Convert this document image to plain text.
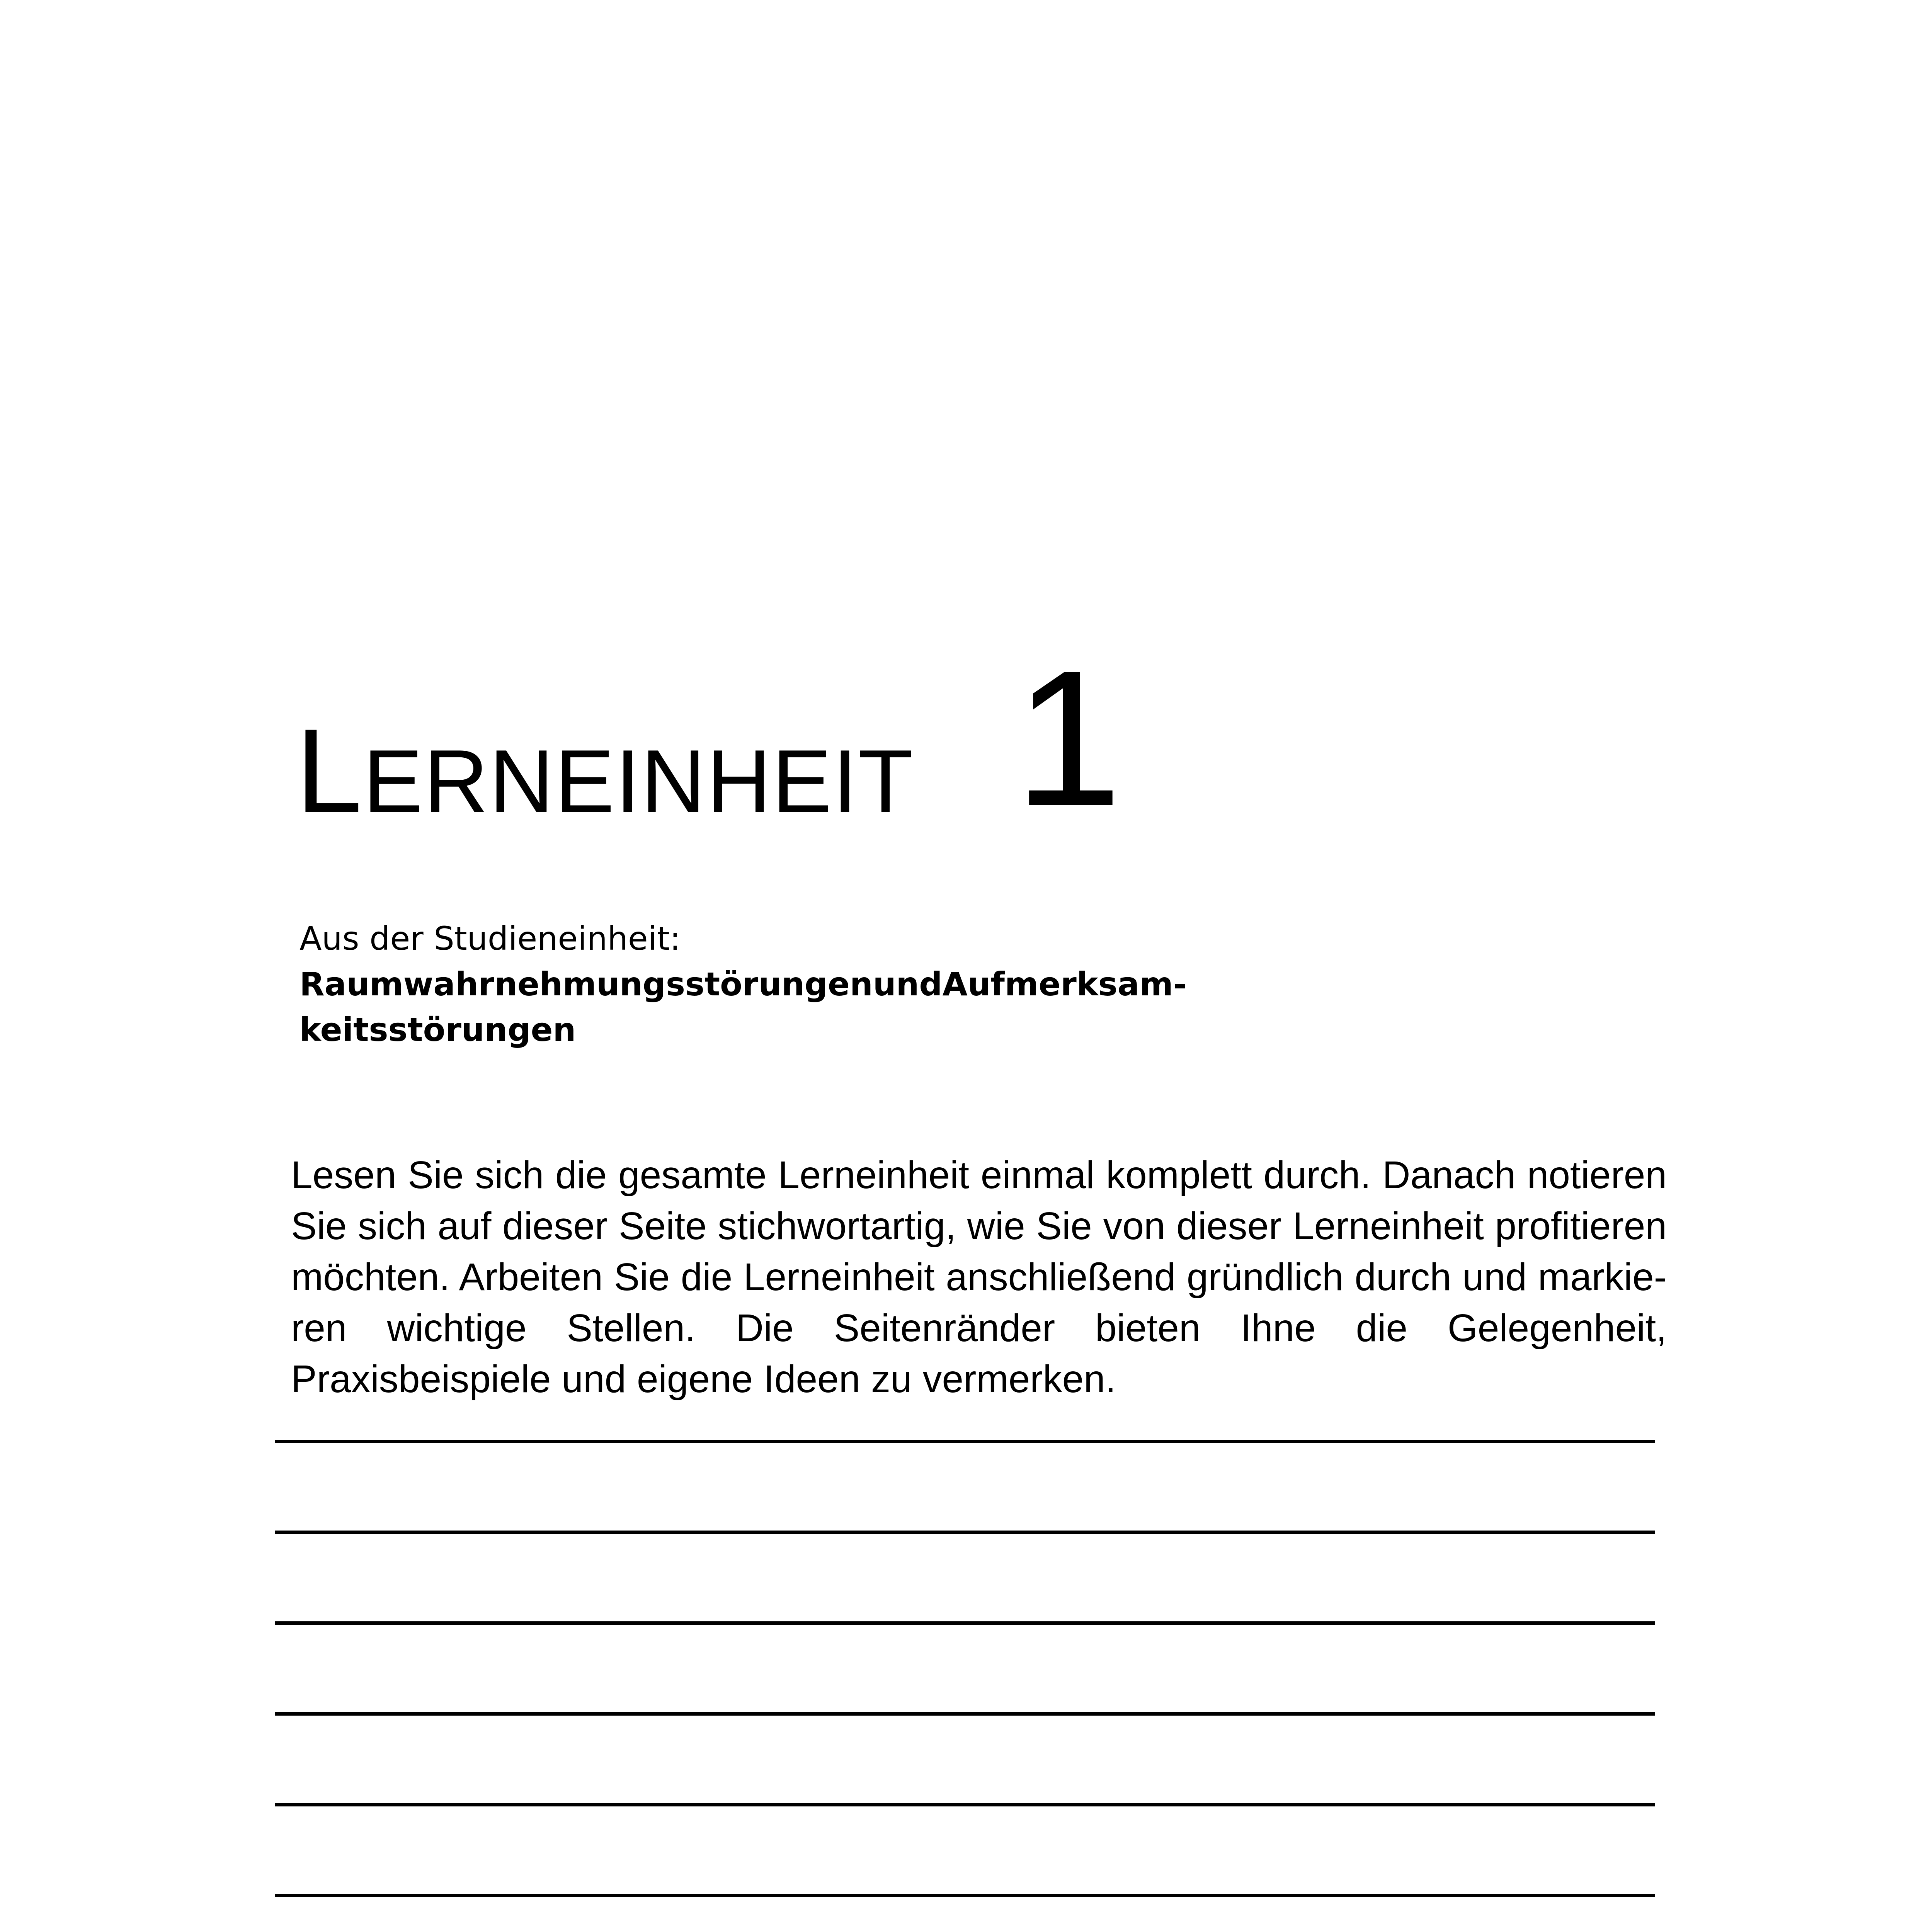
LERNEINHEIT 1
Aus der Studieneinheit:
Raumwahrnehmungsstörungen und Aufmerksam-
keitsstörungen
Lesen Sie sich die gesamte Lerneinheit einmal komplett durch. Danach notieren Sie sich auf dieser Seite stichwortartig, wie Sie von dieser Lerneinheit profitieren möchten. Arbeiten Sie die Lerneinheit anschließend gründlich durch und markie-ren wichtige Stellen. Die Seitenränder bieten Ihne die Gelegenheit, Praxisbeispiele und eigene Ideen zu vermerken.
